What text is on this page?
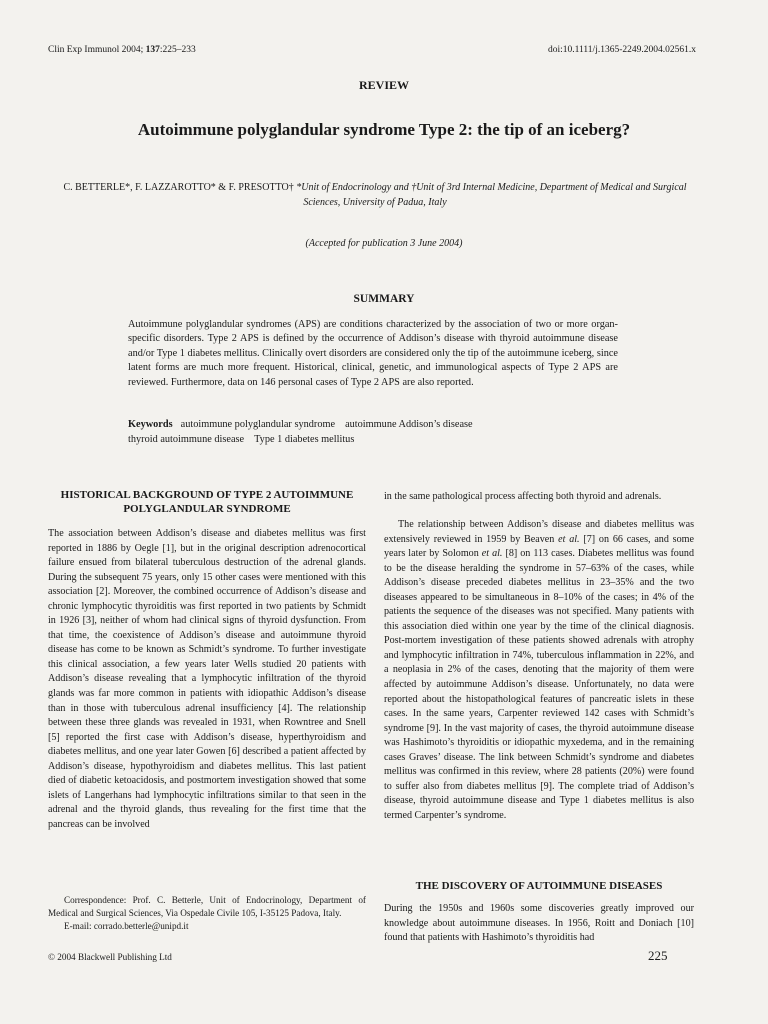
Clin Exp Immunol 2004; 137:225–233	doi:10.1111/j.1365-2249.2004.02561.x
REVIEW
Autoimmune polyglandular syndrome Type 2: the tip of an iceberg?
C. BETTERLE*, F. LAZZAROTTO* & F. PRESOTTO† *Unit of Endocrinology and †Unit of 3rd Internal Medicine, Department of Medical and Surgical Sciences, University of Padua, Italy
(Accepted for publication 3 June 2004)
SUMMARY
Autoimmune polyglandular syndromes (APS) are conditions characterized by the association of two or more organ-specific disorders. Type 2 APS is defined by the occurrence of Addison’s disease with thyroid autoimmune disease and/or Type 1 diabetes mellitus. Clinically overt disorders are considered only the tip of the autoimmune iceberg, since latent forms are much more frequent. Historical, clinical, genetic, and immunological aspects of Type 2 APS are reviewed. Furthermore, data on 146 personal cases of Type 2 APS are also reported.
Keywords autoimmune polyglandular syndrome autoimmune Addison’s disease
thyroid autoimmune disease Type 1 diabetes mellitus
HISTORICAL BACKGROUND OF TYPE 2 AUTOIMMUNE POLYGLANDULAR SYNDROME
The association between Addison’s disease and diabetes mellitus was first reported in 1886 by Oegle [1], but in the original description adrenocortical failure ensued from bilateral tuberculous destruction of the adrenal glands. During the subsequent 75 years, only 15 other cases were mentioned with this association [2]. Moreover, the combined occurrence of Addison’s disease and chronic lymphocytic thyroiditis was first reported in two patients by Schmidt in 1926 [3], neither of whom had clinical signs of thyroid dysfunction. From that time, the coexistence of Addison’s disease and autoimmune thyroid disease has come to be known as Schmidt’s syndrome. To further investigate this clinical association, a few years later Wells studied 20 patients with Addison’s disease revealing that a lymphocytic infiltration of the thyroid glands was far more common in patients with idiopathic Addison’s disease than in those with tuberculous adrenal insufficiency [4]. The relationship between these three glands was revealed in 1931, when Rowntree and Snell [5] reported the first case with Addison’s disease, hyperthyroidism and diabetes mellitus, and one year later Gowen [6] described a patient affected by Addison’s disease, hypothyroidism and diabetes mellitus. This last patient died of diabetic ketoacidosis, and postmortem investigation showed that some islets of Langerhans had lymphocytic infiltrations similar to that seen in the adrenal and the thyroid glands, thus revealing for the first time that the pancreas can be involved
in the same pathological process affecting both thyroid and adrenals.
The relationship between Addison’s disease and diabetes mellitus was extensively reviewed in 1959 by Beaven et al. [7] on 66 cases, and some years later by Solomon et al. [8] on 113 cases. Diabetes mellitus was found to be the disease heralding the syndrome in 57–63% of the cases, while Addison’s disease preceded diabetes mellitus in 23–35% and the two diseases appeared to be simultaneous in 8–10% of the cases; in 4% of the patients the sequence of the diseases was not specified. Many patients with this association died within one year by the time of the clinical diagnosis. Post-mortem investigation of these patients showed adrenals with atrophy and lymphocytic infiltration in 74%, tuberculous inflammation in 22%, and a neoplasia in 2% of the cases, denoting that the majority of them were affected by autoimmune Addison’s disease. Unfortunately, no data were reported about the histopathological features of pancreatic islets in these cases. In the same years, Carpenter reviewed 142 cases with Schmidt’s syndrome [9]. In the vast majority of cases, the thyroid autoimmune disease was Hashimoto’s thyroiditis or idiopathic myxedema, and in the remaining cases Graves’ disease. The link between Schmidt’s syndrome and diabetes mellitus was confirmed in this review, where 28 patients (20%) were found to suffer also from diabetes mellitus [9]. The complete triad of Addison’s disease, thyroid autoimmune disease and Type 1 diabetes mellitus is also termed Carpenter’s syndrome.
THE DISCOVERY OF AUTOIMMUNE DISEASES
During the 1950s and 1960s some discoveries greatly improved our knowledge about autoimmune diseases. In 1956, Roitt and Doniach [10] found that patients with Hashimoto’s thyroiditis had
Correspondence: Prof. C. Betterle, Unit of Endocrinology, Department of Medical and Surgical Sciences, Via Ospedale Civile 105, I-35125 Padova, Italy.
E-mail: corrado.betterle@unipd.it
© 2004 Blackwell Publishing Ltd	225
